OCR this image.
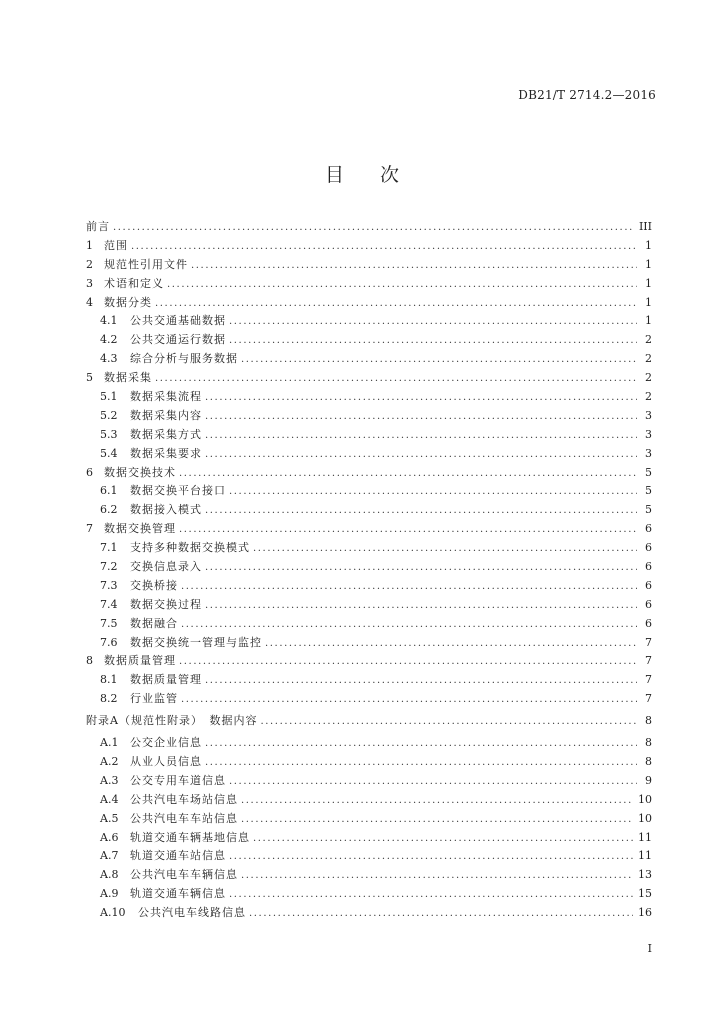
DB21/T 2714.2—2016
目次
前言 .....	III
1	范围 .....	1
2	规范性引用文件 .....	1
3	术语和定义 .....	1
4	数据分类 .....	1
4.1	公共交通基础数据 .....	1
4.2	公共交通运行数据 .....	2
4.3	综合分析与服务数据 .....	2
5	数据采集 .....	2
5.1	数据采集流程 .....	2
5.2	数据采集内容 .....	3
5.3	数据采集方式 .....	3
5.4	数据采集要求 .....	3
6	数据交换技术 .....	5
6.1	数据交换平台接口 .....	5
6.2	数据接入模式 .....	5
7	数据交换管理 .....	6
7.1	支持多种数据交换模式 .....	6
7.2	交换信息录入 .....	6
7.3	交换桥接 .....	6
7.4	数据交换过程 .....	6
7.5	数据融合 .....	6
7.6	数据交换统一管理与监控 .....	7
8	数据质量管理 .....	7
8.1	数据质量管理 .....	7
8.2	行业监管 .....	7
附录A（规范性附录）　数据内容 .....	8
A.1	公交企业信息 .....	8
A.2	从业人员信息 .....	8
A.3	公交专用车道信息 .....	9
A.4	公共汽电车场站信息 .....	10
A.5	公共汽电车车站信息 .....	10
A.6	轨道交通车辆基地信息 .....	11
A.7	轨道交通车站信息 .....	11
A.8	公共汽电车车辆信息 .....	13
A.9	轨道交通车辆信息 .....	15
A.10	公共汽电车线路信息 .....	16
I
